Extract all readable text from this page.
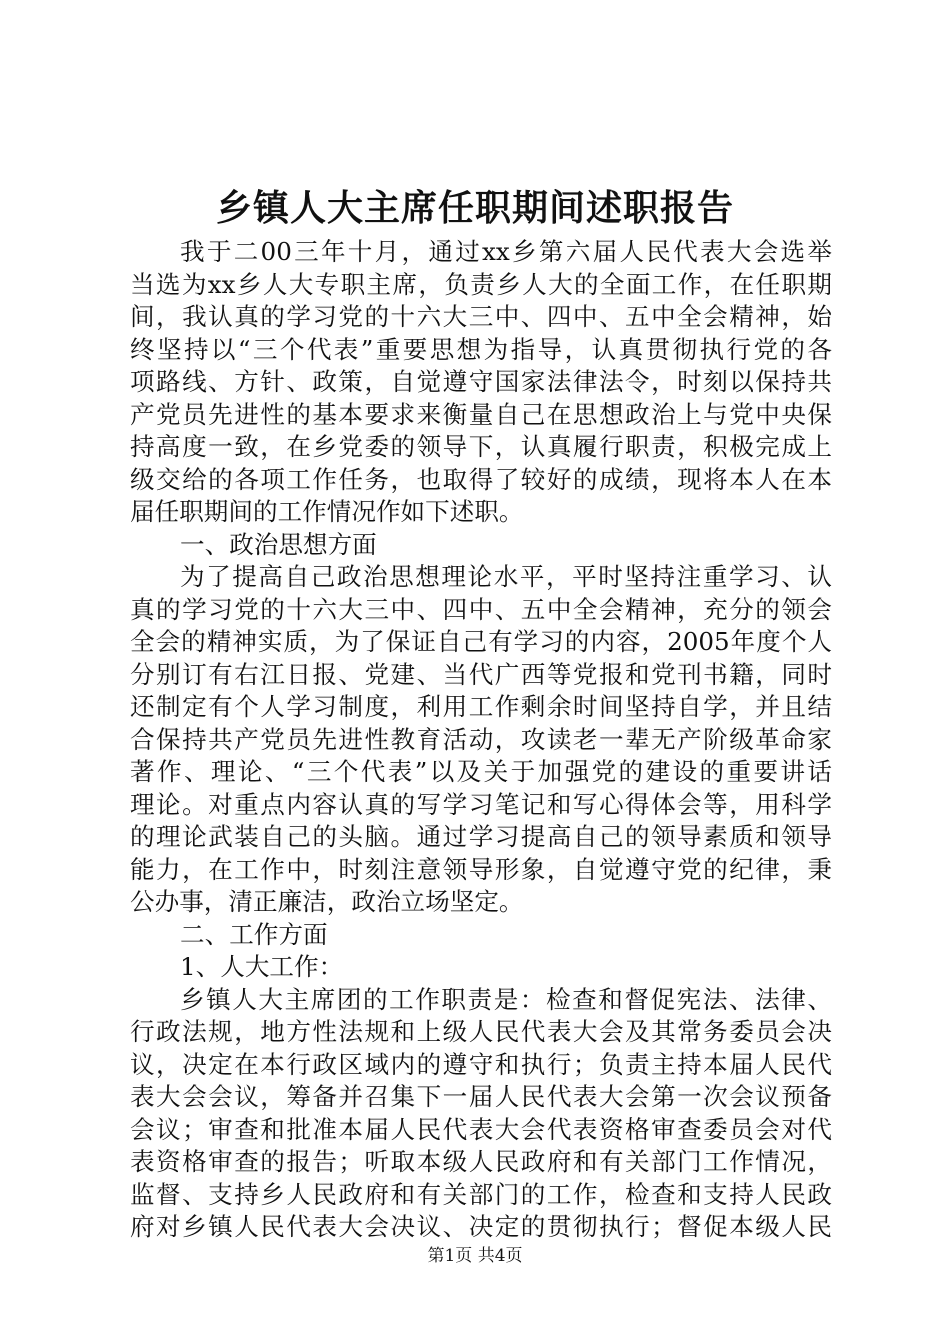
乡镇人大主席任职期间述职报告
我于二00三年十月，通过xx乡第六届人民代表大会选举
当选为xx乡人大专职主席，负责乡人大的全面工作，在任职期
间，我认真的学习党的十六大三中、四中、五中全会精神，始
终坚持以“三个代表”重要思想为指导，认真贯彻执行党的各
项路线、方针、政策，自觉遵守国家法律法令，时刻以保持共
产党员先进性的基本要求来衡量自己在思想政治上与党中央保
持高度一致，在乡党委的领导下，认真履行职责，积极完成上
级交给的各项工作任务，也取得了较好的成绩，现将本人在本
届任职期间的工作情况作如下述职。
一、政治思想方面
为了提高自己政治思想理论水平，平时坚持注重学习、认
真的学习党的十六大三中、四中、五中全会精神，充分的领会
全会的精神实质，为了保证自己有学习的内容，2005年度个人
分别订有右江日报、党建、当代广西等党报和党刊书籍，同时
还制定有个人学习制度，利用工作剩余时间坚持自学，并且结
合保持共产党员先进性教育活动，攻读老一辈无产阶级革命家
著作、理论、“三个代表”以及关于加强党的建设的重要讲话
理论。对重点内容认真的写学习笔记和写心得体会等，用科学
的理论武装自己的头脑。通过学习提高自己的领导素质和领导
能力，在工作中，时刻注意领导形象，自觉遵守党的纪律，秉
公办事，清正廉洁，政治立场坚定。
二、工作方面
1、人大工作：
乡镇人大主席团的工作职责是：检查和督促宪法、法律、
行政法规，地方性法规和上级人民代表大会及其常务委员会决
议，决定在本行政区域内的遵守和执行；负责主持本届人民代
表大会会议，筹备并召集下一届人民代表大会第一次会议预备
会议；审查和批准本届人民代表大会代表资格审查委员会对代
表资格审查的报告；听取本级人民政府和有关部门工作情况，
监督、支持乡人民政府和有关部门的工作，检查和支持人民政
府对乡镇人民代表大会决议、决定的贯彻执行；督促本级人民
第1页 共4页
